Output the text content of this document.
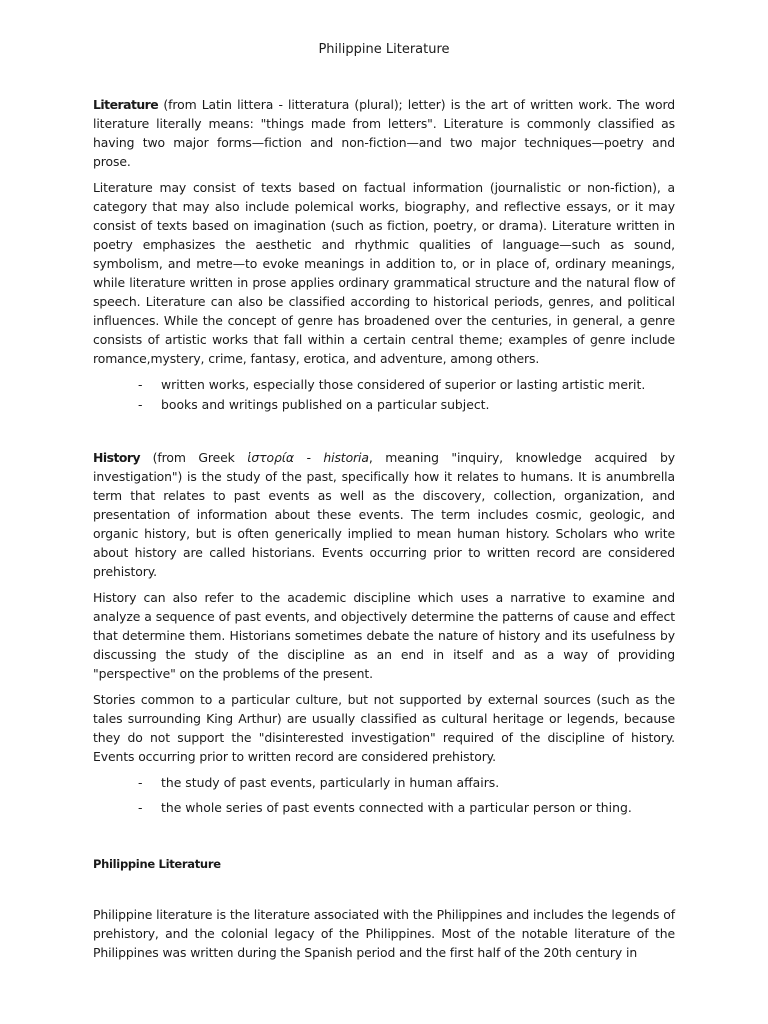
Philippine Literature

Literature (from Latin littera - litteratura (plural); letter) is the art of written work. The word literature literally means: "things made from letters". Literature is commonly classified as having two major forms—fiction and non-fiction—and two major techniques—poetry and prose.

Literature may consist of texts based on factual information (journalistic or non-fiction), a category that may also include polemical works, biography, and reflective essays, or it may consist of texts based on imagination (such as fiction, poetry, or drama). Literature written in poetry emphasizes the aesthetic and rhythmic qualities of language—such as sound, symbolism, and metre—to evoke meanings in addition to, or in place of, ordinary meanings, while literature written in prose applies ordinary grammatical structure and the natural flow of speech. Literature can also be classified according to historical periods, genres, and political influences. While the concept of genre has broadened over the centuries, in general, a genre consists of artistic works that fall within a certain central theme; examples of genre include romance,mystery, crime, fantasy, erotica, and adventure, among others.

- written works, especially those considered of superior or lasting artistic merit.
- books and writings published on a particular subject.

History (from Greek ἱστορία - historia, meaning "inquiry, knowledge acquired by investigation") is the study of the past, specifically how it relates to humans. It is anumbrella term that relates to past events as well as the discovery, collection, organization, and presentation of information about these events. The term includes cosmic, geologic, and organic history, but is often generically implied to mean human history. Scholars who write about history are called historians. Events occurring prior to written record are considered prehistory.

History can also refer to the academic discipline which uses a narrative to examine and analyze a sequence of past events, and objectively determine the patterns of cause and effect that determine them. Historians sometimes debate the nature of history and its usefulness by discussing the study of the discipline as an end in itself and as a way of providing "perspective" on the problems of the present.

Stories common to a particular culture, but not supported by external sources (such as the tales surrounding King Arthur) are usually classified as cultural heritage or legends, because they do not support the "disinterested investigation" required of the discipline of history. Events occurring prior to written record are considered prehistory.

- the study of past events, particularly in human affairs.
- the whole series of past events connected with a particular person or thing.
Philippine Literature

Philippine literature is the literature associated with the Philippines and includes the legends of prehistory, and the colonial legacy of the Philippines. Most of the notable literature of the Philippines was written during the Spanish period and the first half of the 20th century in
